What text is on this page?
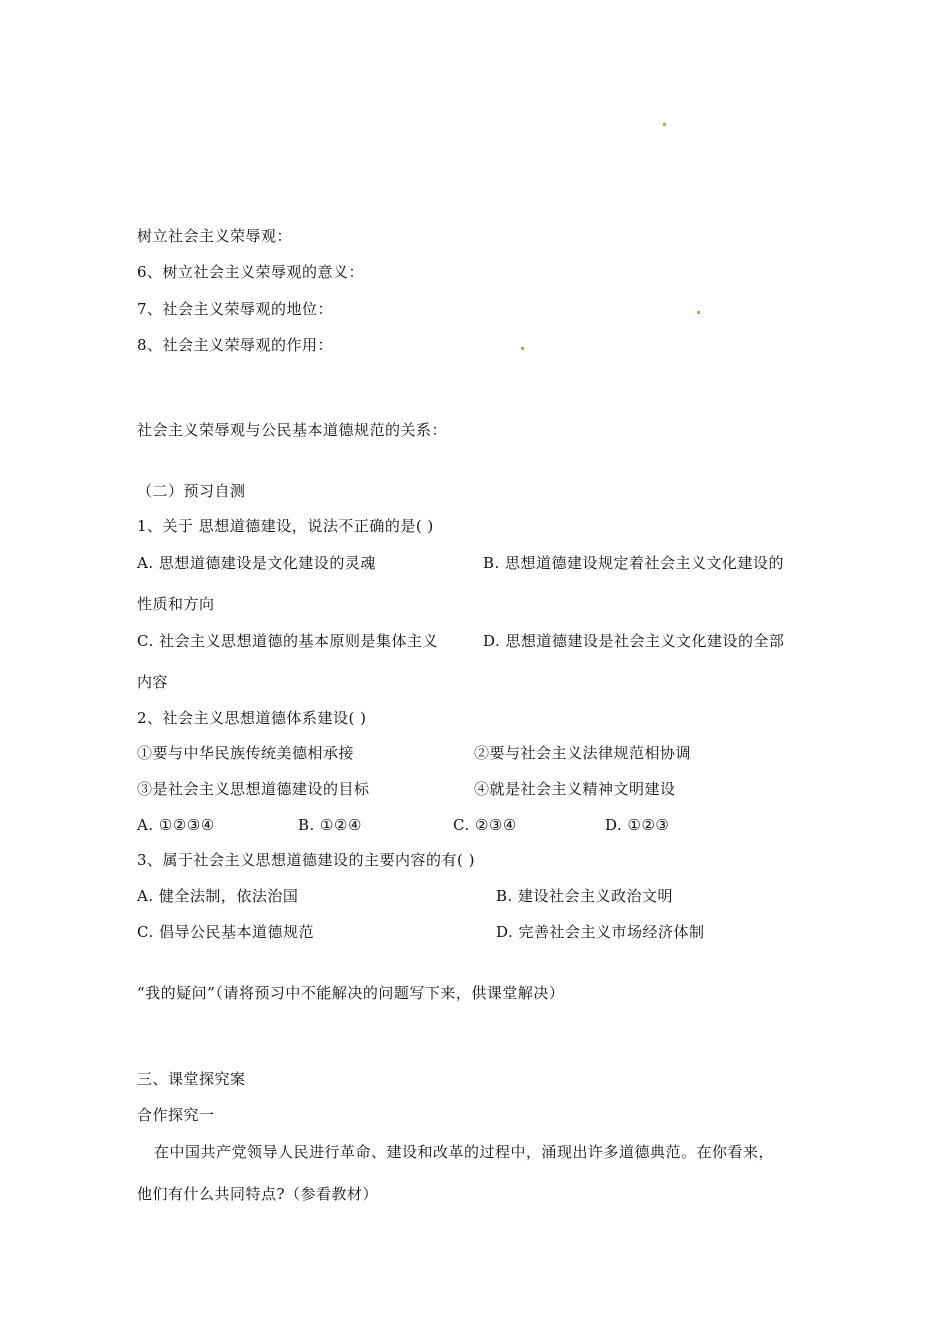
树立社会主义荣辱观：
6、树立社会主义荣辱观的意义：
7、社会主义荣辱观的地位：
8、社会主义荣辱观的作用：
社会主义荣辱观与公民基本道德规范的关系：
（二）预习自测
1、关于 思想道德建设，说法不正确的是( )
A. 思想道德建设是文化建设的灵魂	B. 思想道德建设规定着社会主义文化建设的
性质和方向
C. 社会主义思想道德的基本原则是集体主义	D. 思想道德建设是社会主义文化建设的全部
内容
2、社会主义思想道德体系建设( )
①要与中华民族传统美德相承接	②要与社会主义法律规范相协调
③是社会主义思想道德建设的目标	④就是社会主义精神文明建设
A. ①②③④	B. ①②④	C. ②③④	D. ①②③
3、属于社会主义思想道德建设的主要内容的有( )
A. 健全法制，依法治国	B. 建设社会主义政治文明
C. 倡导公民基本道德规范	D. 完善社会主义市场经济体制
“我的疑问”（请将预习中不能解决的问题写下来，供课堂解决）
三、课堂探究案
合作探究一
在中国共产党领导人民进行革命、建设和改革的过程中，涌现出许多道德典范。在你看来，
他们有什么共同特点?（参看教材）
